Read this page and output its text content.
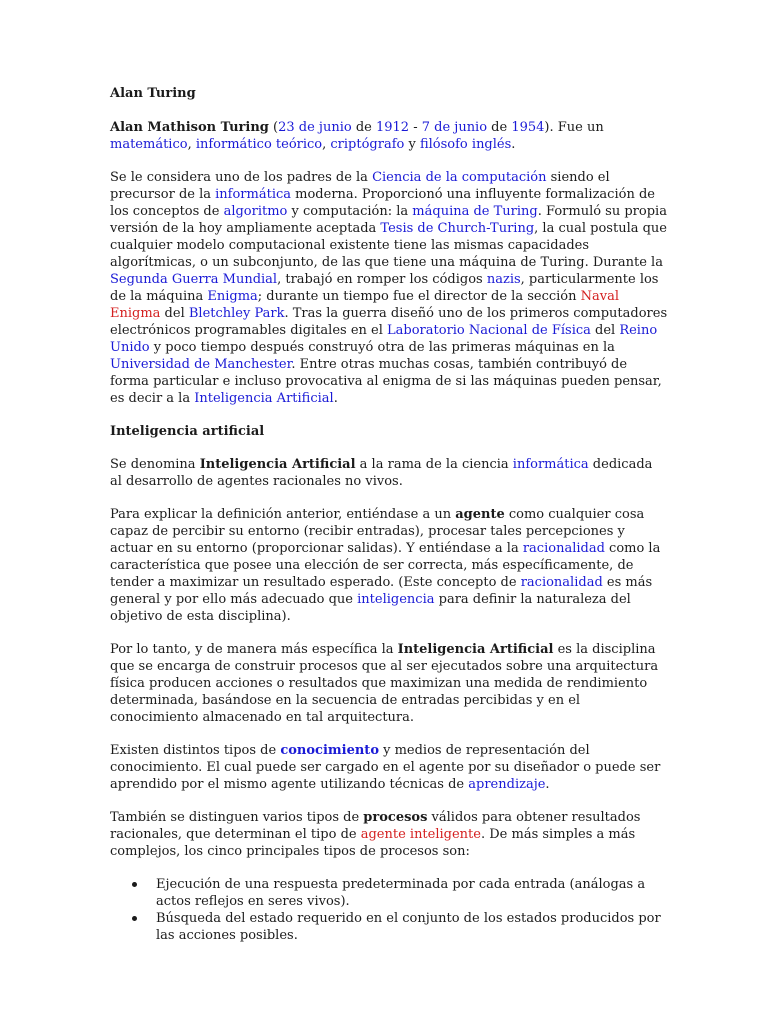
Alan Turing

Alan Mathison Turing (23 de junio de 1912 - 7 de junio de 1954). Fue un matemático, informático teórico, criptógrafo y filósofo inglés.

Se le considera uno de los padres de la Ciencia de la computación siendo el precursor de la informática moderna. Proporcionó una influyente formalización de los conceptos de algoritmo y computación: la máquina de Turing. Formuló su propia versión de la hoy ampliamente aceptada Tesis de Church-Turing, la cual postula que cualquier modelo computacional existente tiene las mismas capacidades algorítmicas, o un subconjunto, de las que tiene una máquina de Turing. Durante la Segunda Guerra Mundial, trabajó en romper los códigos nazis, particularmente los de la máquina Enigma; durante un tiempo fue el director de la sección Naval Enigma del Bletchley Park. Tras la guerra diseñó uno de los primeros computadores electrónicos programables digitales en el Laboratorio Nacional de Física del Reino Unido y poco tiempo después construyó otra de las primeras máquinas en la Universidad de Manchester. Entre otras muchas cosas, también contribuyó de forma particular e incluso provocativa al enigma de si las máquinas pueden pensar, es decir a la Inteligencia Artificial.

Inteligencia artificial

Se denomina Inteligencia Artificial a la rama de la ciencia informática dedicada al desarrollo de agentes racionales no vivos.

Para explicar la definición anterior, entiéndase a un agente como cualquier cosa capaz de percibir su entorno (recibir entradas), procesar tales percepciones y actuar en su entorno (proporcionar salidas). Y entiéndase a la racionalidad como la característica que posee una elección de ser correcta, más específicamente, de tender a maximizar un resultado esperado. (Este concepto de racionalidad es más general y por ello más adecuado que inteligencia para definir la naturaleza del objetivo de esta disciplina).

Por lo tanto, y de manera más específica la Inteligencia Artificial es la disciplina que se encarga de construir procesos que al ser ejecutados sobre una arquitectura física producen acciones o resultados que maximizan una medida de rendimiento determinada, basándose en la secuencia de entradas percibidas y en el conocimiento almacenado en tal arquitectura.

Existen distintos tipos de conocimiento y medios de representación del conocimiento. El cual puede ser cargado en el agente por su diseñador o puede ser aprendido por el mismo agente utilizando técnicas de aprendizaje.

También se distinguen varios tipos de procesos válidos para obtener resultados racionales, que determinan el tipo de agente inteligente. De más simples a más complejos, los cinco principales tipos de procesos son:

Ejecución de una respuesta predeterminada por cada entrada (análogas a actos reflejos en seres vivos).
Búsqueda del estado requerido en el conjunto de los estados producidos por las acciones posibles.
